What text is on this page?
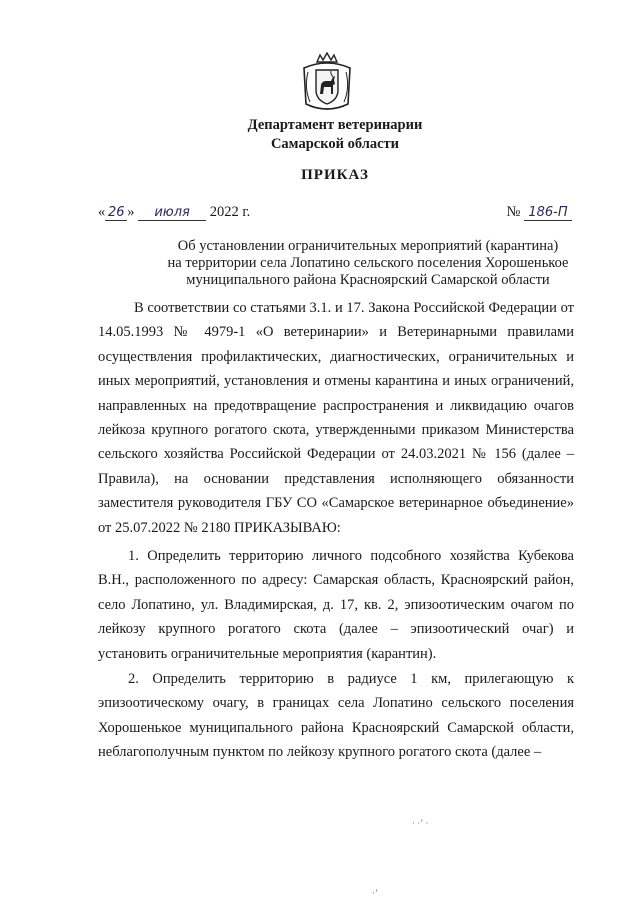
Департамент ветеринарии
Самарской области
ПРИКАЗ
« 26 » июля 2022 г.	№ 186-П
Об установлении ограничительных мероприятий (карантина)
на территории села Лопатино сельского поселения Хорошенькое
муниципального района Красноярский Самарской области
В соответствии со статьями 3.1. и 17. Закона Российской Федерации от 14.05.1993 № 4979-1 «О ветеринарии» и Ветеринарными правилами осуществления профилактических, диагностических, ограничительных и иных мероприятий, установления и отмены карантина и иных ограничений, направленных на предотвращение распространения и ликвидацию очагов лейкоза крупного рогатого скота, утвержденными приказом Министерства сельского хозяйства Российской Федерации от 24.03.2021 № 156 (далее – Правила), на основании представления исполняющего обязанности заместителя руководителя ГБУ СО «Самарское ветеринарное объединение» от 25.07.2022 № 2180 ПРИКАЗЫВАЮ:
1. Определить территорию личного подсобного хозяйства Кубекова В.Н., расположенного по адресу: Самарская область, Красноярский район, село Лопатино, ул. Владимирская, д. 17, кв. 2, эпизоотическим очагом по лейкозу крупного рогатого скота (далее – эпизоотический очаг) и установить ограничительные мероприятия (карантин).
2. Определить территорию в радиусе 1 км, прилегающую к эпизоотическому очагу, в границах села Лопатино сельского поселения Хорошенькое муниципального района Красноярский Самарской области, неблагополучным пунктом по лейкозу крупного рогатого скота (далее –
· ·ʼ ·
·ʼ
